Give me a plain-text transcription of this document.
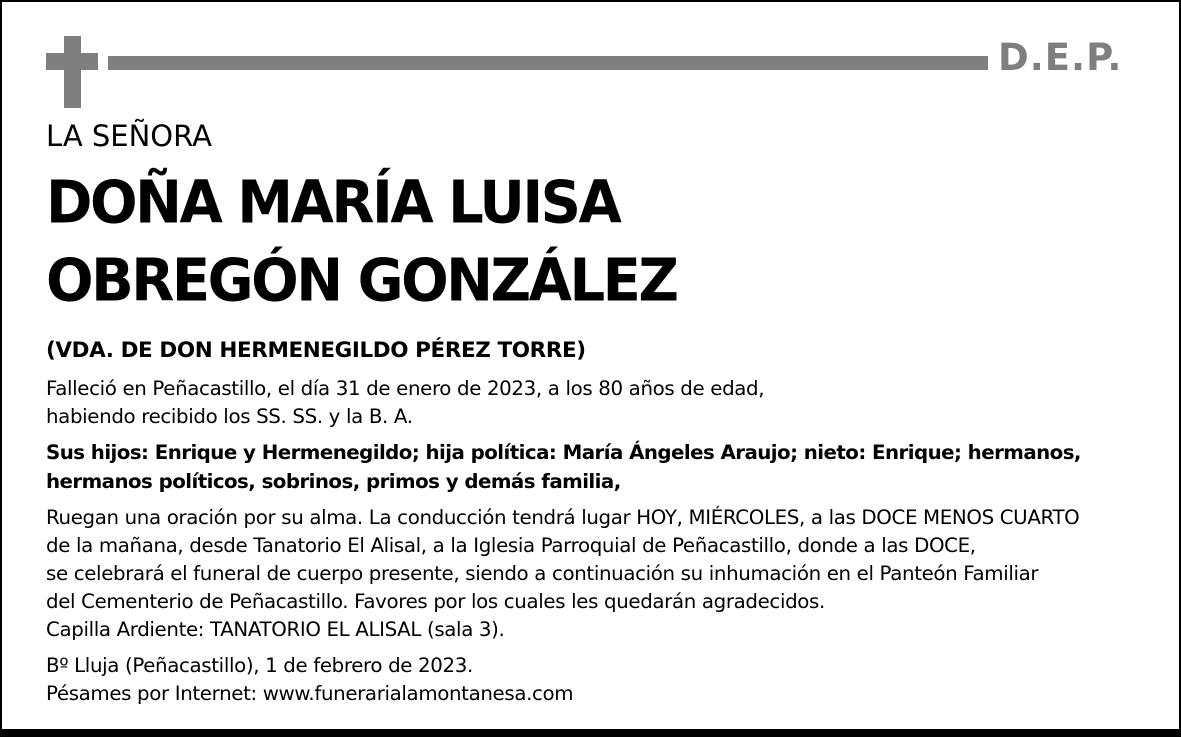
D.E.P.
LA SEÑORA
DOÑA MARÍA LUISA
OBREGÓN GONZÁLEZ
(VDA. DE DON HERMENEGILDO PÉREZ TORRE)
Falleció en Peñacastillo, el día 31 de enero de 2023, a los 80 años de edad,
habiendo recibido los SS. SS. y la B. A.
Sus hijos: Enrique y Hermenegildo; hija política: María Ángeles Araujo; nieto: Enrique; hermanos,
hermanos políticos, sobrinos, primos y demás familia,
Ruegan una oración por su alma. La conducción tendrá lugar HOY, MIÉRCOLES, a las DOCE MENOS CUARTO
de la mañana, desde Tanatorio El Alisal, a la Iglesia Parroquial de Peñacastillo, donde a las DOCE,
se celebrará el funeral de cuerpo presente, siendo a continuación su inhumación en el Panteón Familiar
del Cementerio de Peñacastillo. Favores por los cuales les quedarán agradecidos.
Capilla Ardiente: TANATORIO EL ALISAL (sala 3).
Bº Lluja (Peñacastillo), 1 de febrero de 2023.
Pésames por Internet: www.funerarialamontanesa.com
